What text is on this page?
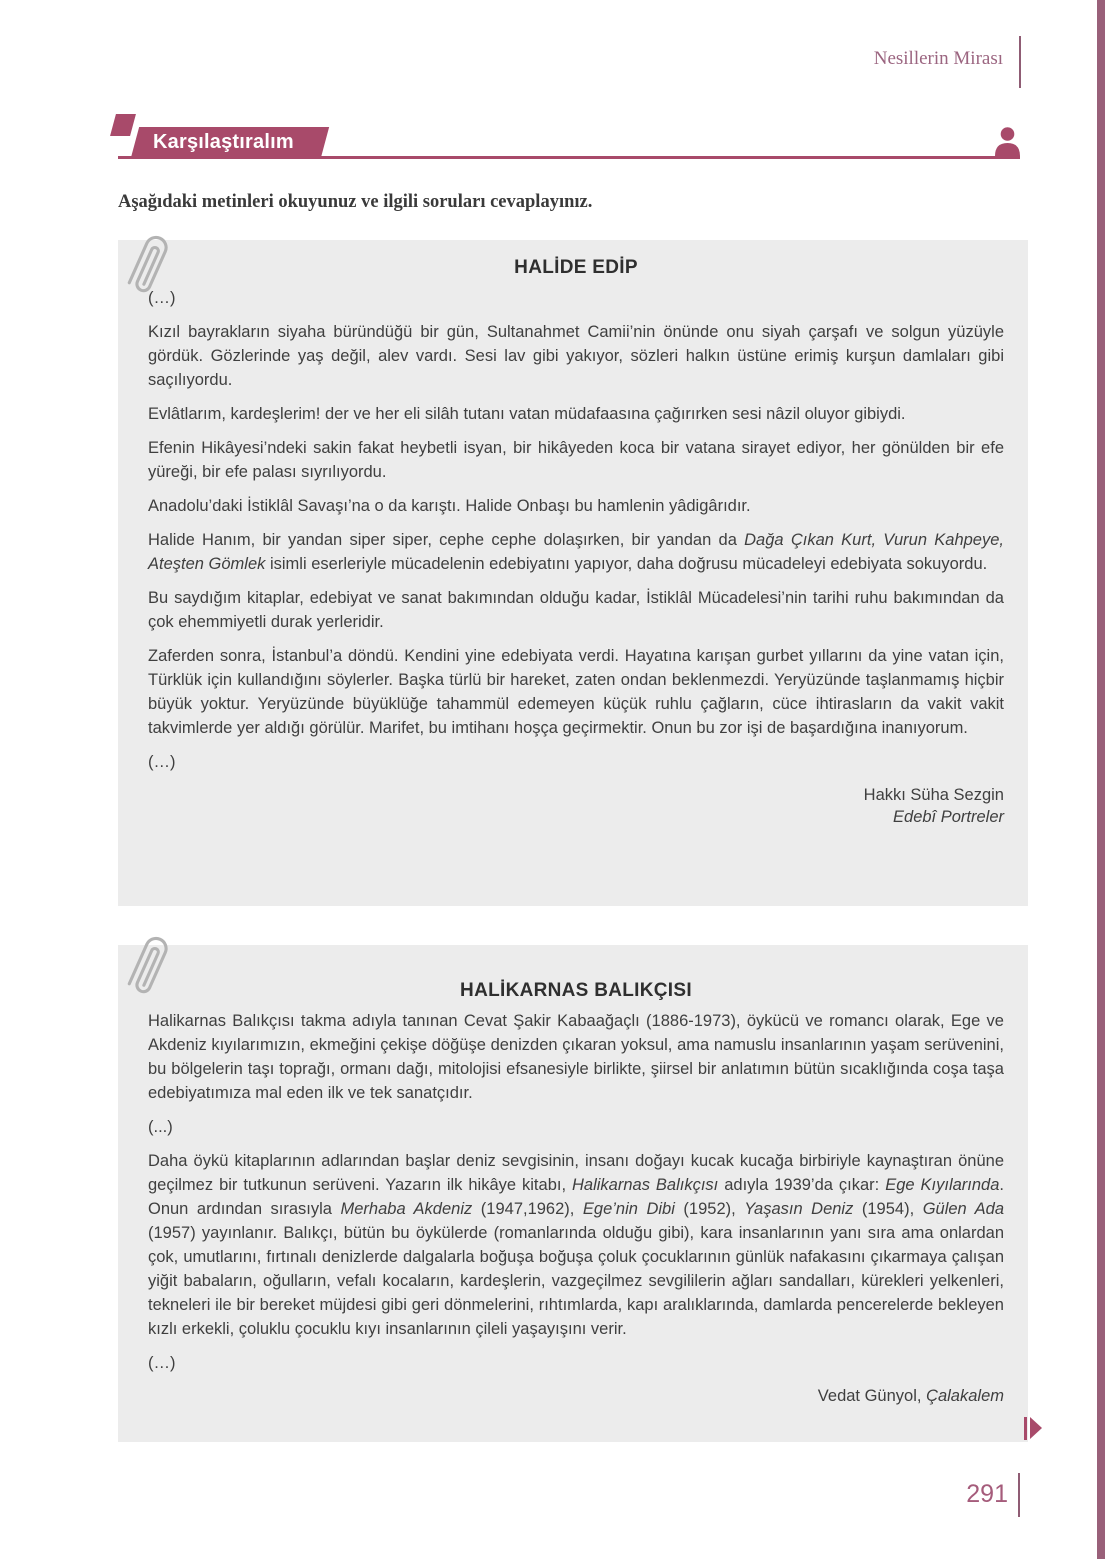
Nesillerin Mirası
Karşılaştıralım
Aşağıdaki metinleri okuyunuz ve ilgili soruları cevaplayınız.
HALİDE EDİP

(…)

Kızıl bayrakların siyaha büründüğü bir gün, Sultanahmet Camii’nin önünde onu siyah çarşafı ve solgun yüzüyle gördük. Gözlerinde yaş değil, alev vardı. Sesi lav gibi yakıyor, sözleri halkın üstüne erimiş kurşun damlaları gibi saçılıyordu.

Evlâtlarım, kardeşlerim! der ve her eli silâh tutanı vatan müdafaasına çağırırken sesi nâzil oluyor gibiydi.

Efenin Hikâyesi’ndeki sakin fakat heybetli isyan, bir hikâyeden koca bir vatana sirayet ediyor, her gönülden bir efe yüreği, bir efe palası sıyrılıyordu.

Anadolu’daki İstiklâl Savaşı’na o da karıştı. Halide Onbaşı bu hamlenin yâdigârıdır.

Halide Hanım, bir yandan siper siper, cephe cephe dolaşırken, bir yandan da Dağa Çıkan Kurt, Vurun Kahpeye, Ateşten Gömlek isimli eserleriyle mücadelenin edebiyatını yapıyor, daha doğrusu mücadeleyi edebiyata sokuyordu.

Bu saydığım kitaplar, edebiyat ve sanat bakımından olduğu kadar, İstiklâl Mücadelesi’nin tarihi ruhu bakımından da çok ehemmiyetli durak yerleridir.

Zaferden sonra, İstanbul’a döndü. Kendini yine edebiyata verdi. Hayatına karışan gurbet yıllarını da yine vatan için, Türklük için kullandığını söylerler. Başka türlü bir hareket, zaten ondan beklenmezdi. Yeryüzünde taşlanmamış hiçbir büyük yoktur. Yeryüzünde büyüklüğe tahammül edemeyen küçük ruhlu çağların, cüce ihtirasların da vakit vakit takvimlerde yer aldığı görülür. Marifet, bu imtihanı hoşça geçirmektir. Onun bu zor işi de başardığına inanıyorum.

(…)

Hakkı Süha Sezgin
Edebî Portreler
HALİKARNAS BALIKÇISI

Halikarnas Balıkçısı takma adıyla tanınan Cevat Şakir Kabaağaçlı (1886-1973), öykücü ve romancı olarak, Ege ve Akdeniz kıyılarımızın, ekmeğini çekişe döğüşe denizden çıkaran yoksul, ama namuslu insanlarının yaşam serüvenini, bu bölgelerin taşı toprağı, ormanı dağı, mitolojisi efsanesiyle birlikte, şiirsel bir anlatımın bütün sıcaklığında coşa taşa edebiyatımıza mal eden ilk ve tek sanatçıdır.

(...)

Daha öykü kitaplarının adlarından başlar deniz sevgisinin, insanı doğayı kucak kucağa birbiriyle kaynaştıran önüne geçilmez bir tutkunun serüveni. Yazarın ilk hikâye kitabı, Halikarnas Balıkçısı adıyla 1939’da çıkar: Ege Kıyılarında. Onun ardından sırasıyla Merhaba Akdeniz (1947,1962), Ege’nin Dibi (1952), Yaşasın Deniz (1954), Gülen Ada (1957) yayınlanır. Balıkçı, bütün bu öykülerde (romanlarında olduğu gibi), kara insanlarının yanı sıra ama onlardan çok, umutlarını, fırtınalı denizlerde dalgalarla boğuşa boğuşa çoluk çocuklarının günlük nafakasını çıkarmaya çalışan yiğit babaların, oğulların, vefalı kocaların, kardeşlerin, vazgeçilmez sevgililerin ağları sandalları, kürekleri yelkenleri, tekneleri ile bir bereket müjdesi gibi geri dönmelerini, rıhtımlarda, kapı aralıklarında, damlarda pencerelerde bekleyen kızlı erkekli, çoluklu çocuklu kıyı insanlarının çileli yaşayışını verir.

(…)

Vedat Günyol, Çalakalem
291
